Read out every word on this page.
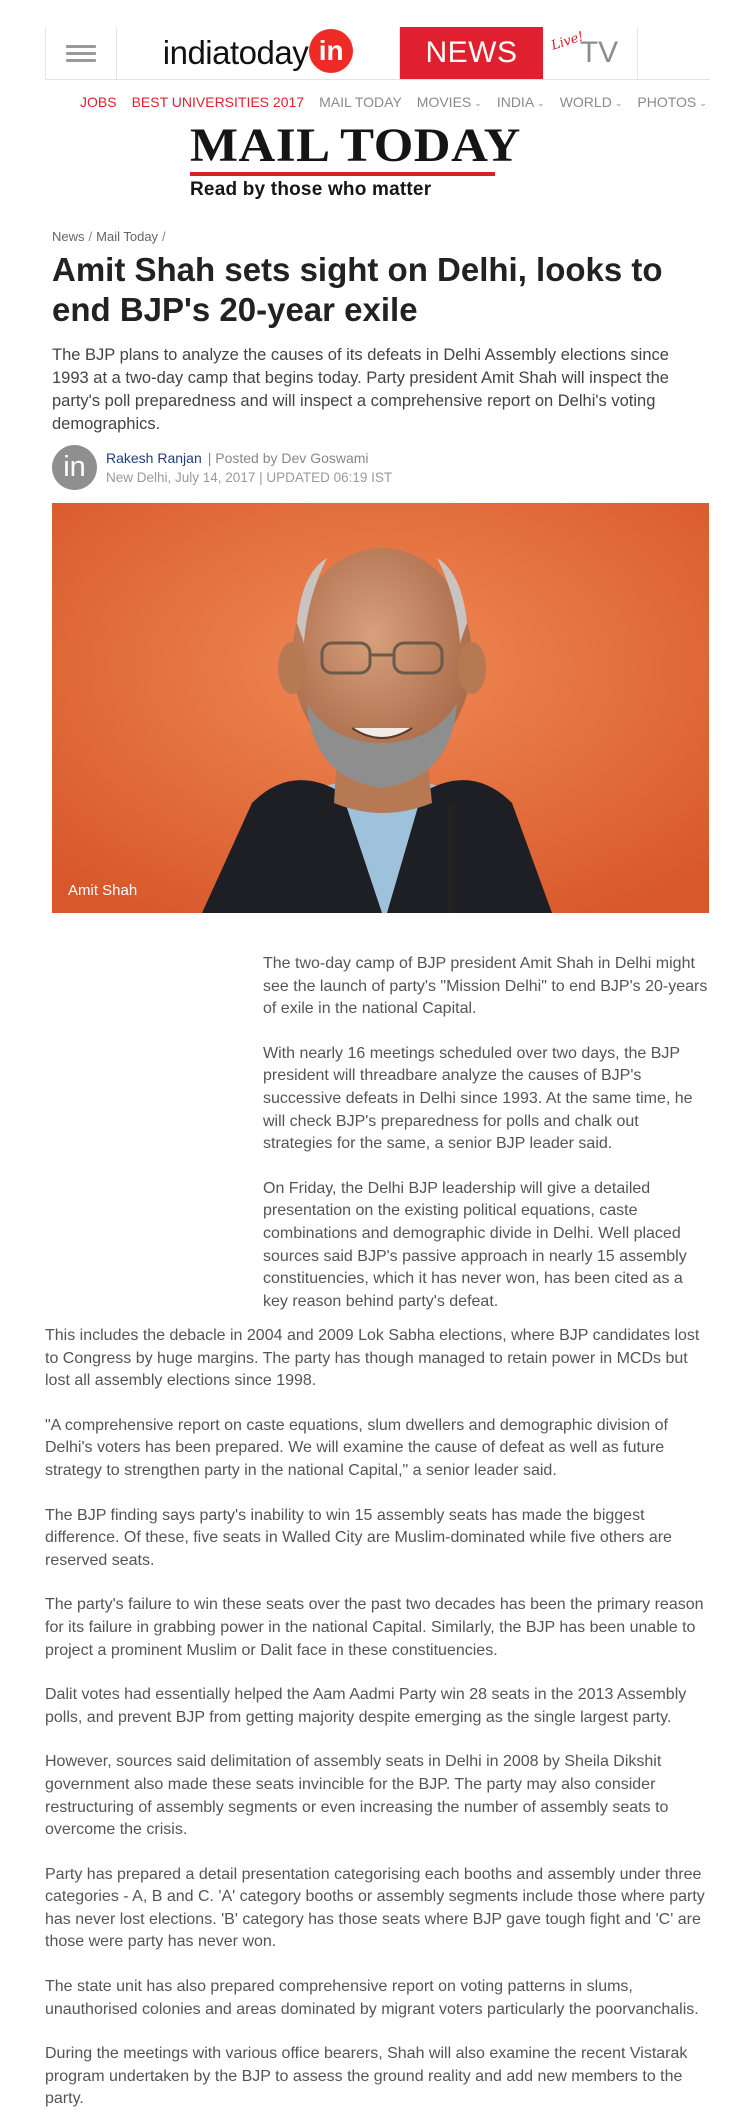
indiatoday in	NEWS	Live!
TV
JOBS BEST UNIVERSITIES 2017 MAIL TODAY MOVIES ⌄ INDIA ⌄ WORLD ⌄ PHOTOS ⌄
MAIL TODAY
Read by those who matter
News / Mail Today /
Amit Shah sets sight on Delhi, looks to end BJP's 20-year exile

The BJP plans to analyze the causes of its defeats in Delhi Assembly elections since 1993 at a two-day camp that begins today. Party president Amit Shah will inspect the party's poll preparedness and will inspect a comprehensive report on Delhi's voting demographics.

in	Rakesh Ranjan | Posted by Dev Goswami
New Delhi, July 14, 2017 | UPDATED 06:19 IST
Amit Shah

The two-day camp of BJP president Amit Shah in Delhi might see the launch of party's "Mission Delhi" to end BJP's 20-years of exile in the national Capital.

With nearly 16 meetings scheduled over two days, the BJP president will threadbare analyze the causes of BJP's successive defeats in Delhi since 1993. At the same time, he will check BJP's preparedness for polls and chalk out strategies for the same, a senior BJP leader said.

On Friday, the Delhi BJP leadership will give a detailed presentation on the existing political equations, caste combinations and demographic divide in Delhi. Well placed sources said BJP's passive approach in nearly 15 assembly constituencies, which it has never won, has been cited as a key reason behind party's defeat.

This includes the debacle in 2004 and 2009 Lok Sabha elections, where BJP candidates lost to Congress by huge margins. The party has though managed to retain power in MCDs but lost all assembly elections since 1998.

"A comprehensive report on caste equations, slum dwellers and demographic division of Delhi's voters has been prepared. We will examine the cause of defeat as well as future strategy to strengthen party in the national Capital," a senior leader said.

The BJP finding says party's inability to win 15 assembly seats has made the biggest difference. Of these, five seats in Walled City are Muslim-dominated while five others are reserved seats.

The party's failure to win these seats over the past two decades has been the primary reason for its failure in grabbing power in the national Capital. Similarly, the BJP has been unable to project a prominent Muslim or Dalit face in these constituencies.

Dalit votes had essentially helped the Aam Aadmi Party win 28 seats in the 2013 Assembly polls, and prevent BJP from getting majority despite emerging as the single largest party.

However, sources said delimitation of assembly seats in Delhi in 2008 by Sheila Dikshit government also made these seats invincible for the BJP. The party may also consider restructuring of assembly segments or even increasing the number of assembly seats to overcome the crisis.

Party has prepared a detail presentation categorising each booths and assembly under three categories - A, B and C. 'A' category booths or assembly segments include those where party has never lost elections. 'B' category has those seats where BJP gave tough fight and 'C' are those were party has never won.

The state unit has also prepared comprehensive report on voting patterns in slums, unauthorised colonies and areas dominated by migrant voters particularly the poorvanchalis.

During the meetings with various office bearers, Shah will also examine the recent Vistarak program undertaken by the BJP to assess the ground reality and add new members to the party.
